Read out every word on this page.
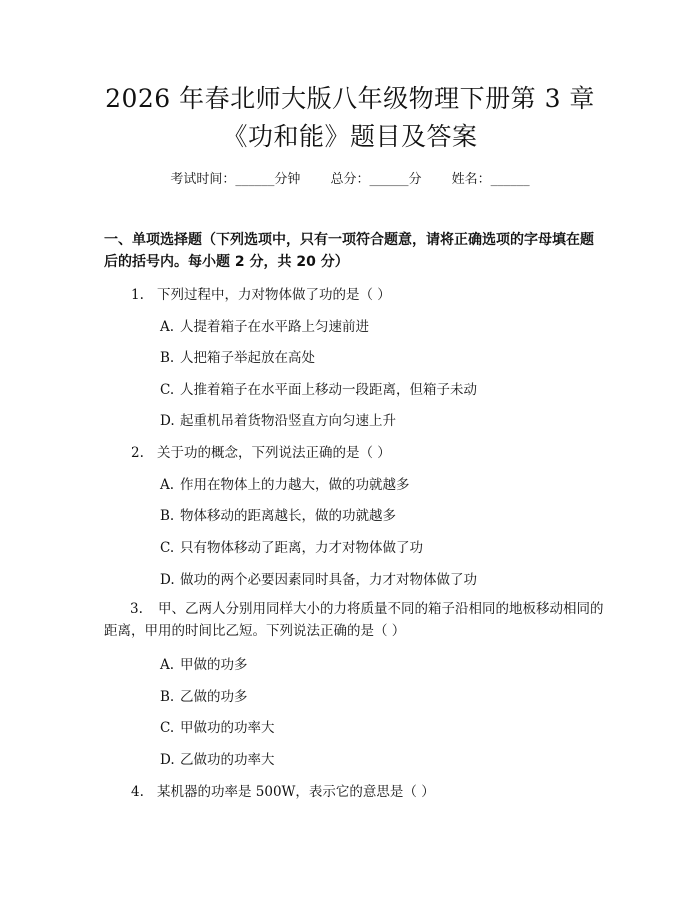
2026 年春北师大版八年级物理下册第 3 章
《功和能》题目及答案
考试时间：______分钟 总分：______分 姓名：______
一、单项选择题（下列选项中，只有一项符合题意，请将正确选项的字母填在题后的括号内。每小题 2 分，共 20 分）
1. 下列过程中，力对物体做了功的是（ ）
A. 人提着箱子在水平路上匀速前进
B. 人把箱子举起放在高处
C. 人推着箱子在水平面上移动一段距离，但箱子未动
D. 起重机吊着货物沿竖直方向匀速上升
2. 关于功的概念，下列说法正确的是（ ）
A. 作用在物体上的力越大，做的功就越多
B. 物体移动的距离越长，做的功就越多
C. 只有物体移动了距离，力才对物体做了功
D. 做功的两个必要因素同时具备，力才对物体做了功
3. 甲、乙两人分别用同样大小的力将质量不同的箱子沿相同的地板移动相同的距离，甲用的时间比乙短。下列说法正确的是（ ）
A. 甲做的功多
B. 乙做的功多
C. 甲做功的功率大
D. 乙做功的功率大
4. 某机器的功率是 500W，表示它的意思是（ ）
